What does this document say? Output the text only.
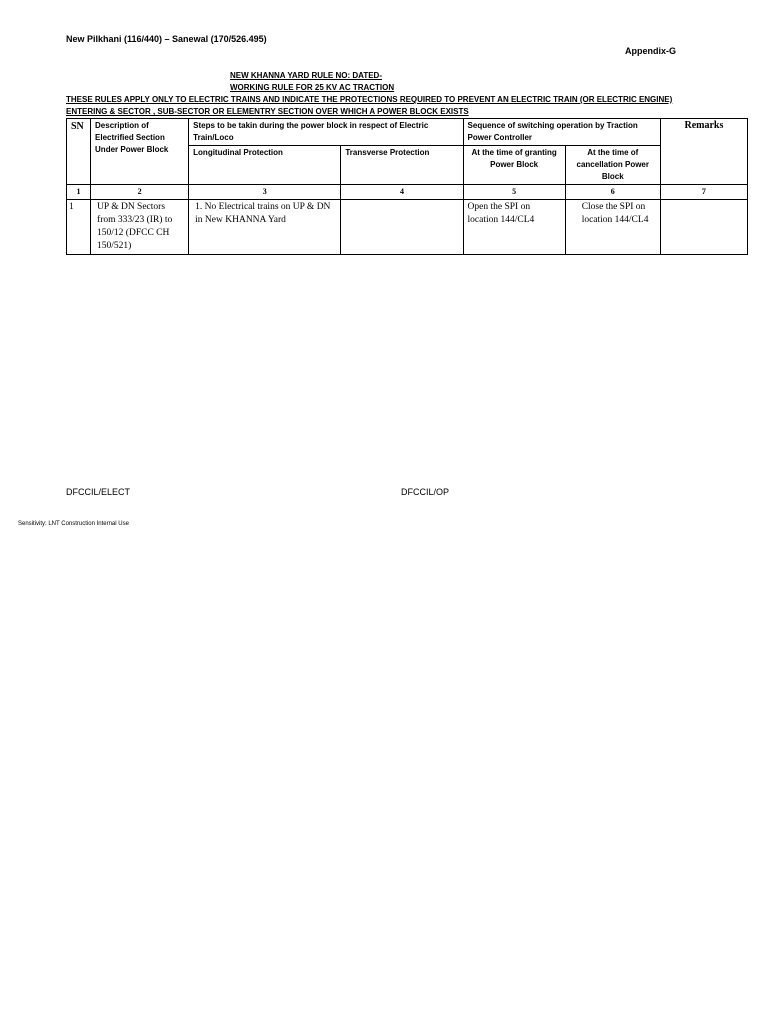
New Pilkhani (116/440) – Sanewal (170/526.495)
Appendix-G
NEW KHANNA YARD RULE NO: DATED-
WORKING RULE FOR 25 KV AC TRACTION
THESE RULES APPLY ONLY TO ELECTRIC TRAINS AND INDICATE THE PROTECTIONS REQUIRED TO PREVENT AN ELECTRIC TRAIN (OR ELECTRIC ENGINE)
ENTERING & SECTOR , SUB-SECTOR OR ELEMENTRY SECTION OVER WHICH A POWER BLOCK EXISTS
SN	Description of Electrified Section Under Power Block	Steps to be takin during the power block in respect of Electric Train/Loco		Sequence of switching operation by Traction Power Controller		Remarks
		Longitudinal Protection	Transverse Protection	At the time of granting Power Block	At the time of cancellation Power Block	
1	2	3	4	5	6	7
1	UP & DN Sectors from 333/23 (IR) to 150/12 (DFCC CH 150/521)	1. No Electrical trains on UP & DN in New KHANNA Yard		Open the SPI on location 144/CL4	Close the SPI on location 144/CL4	
DFCCIL/ELECT	DFCCIL/OP
Sensitivity: LNT Construction Internal Use
